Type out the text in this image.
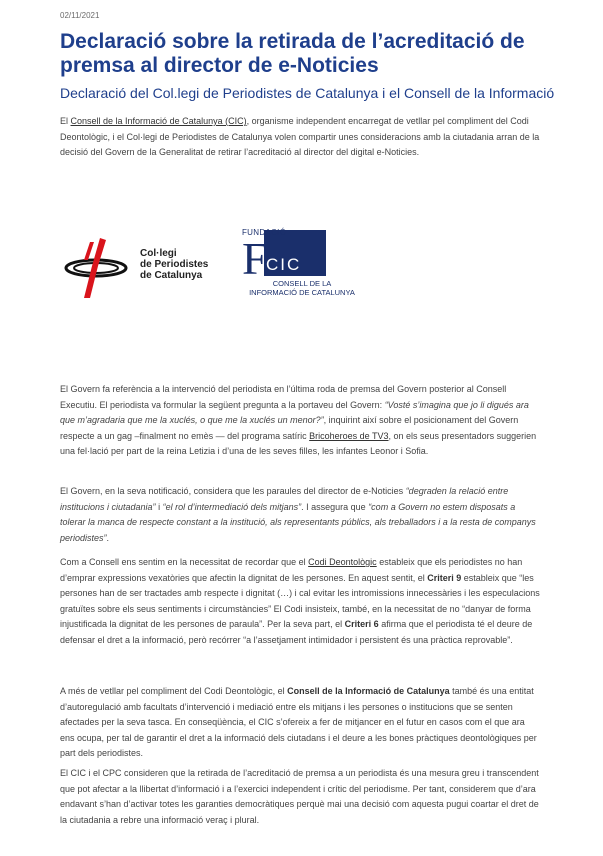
02/11/2021
Declaració sobre la retirada de l’acreditació de premsa al director de e-Noticies
Declaració del Col.legi de Periodistes de Catalunya i el Consell de la Informació

El Consell de la Informació de Catalunya (CIC), organisme independent encarregat de vetllar pel compliment del Codi Deontològic, i el Col·legi de Periodistes de Catalunya volen compartir unes consideracions amb la ciutadania arran de la decisió del Govern de la Generalitat de retirar l’acreditació al director del digital e-Noticies.

Col·legi
de Periodistes
de Catalunya
FUNDACIÓ
F
CIC
CONSELL DE LA
INFORMACIÓ DE CATALUNYA

El Govern fa referència a la intervenció del periodista en l’última roda de premsa del Govern posterior al Consell Executiu. El periodista va formular la següent pregunta a la portaveu del Govern: “Vosté s’imagina que jo li digués ara que m’agradaria que me la xuclés, o que me la xuclés un menor?”, inquirint així sobre el posicionament del Govern respecte a un gag –finalment no emès — del programa satíric Bricoheroes de TV3, on els seus presentadors suggerien una fel·lació per part de la reina Letizia i d’una de les seves filles, les infantes Leonor i Sofia.

El Govern, en la seva notificació, considera que les paraules del director de e-Noticies “degraden la relació entre institucions i ciutadania” i “el rol d’intermediació dels mitjans”. I assegura que “com a Govern no estem disposats a tolerar la manca de respecte constant a la institució, als representants públics, als treballadors i a la resta de companys periodistes”.

Com a Consell ens sentim en la necessitat de recordar que el Codi Deontològic estableix que els periodistes no han d’emprar expressions vexatòries que afectin la dignitat de les persones. En aquest sentit, el Criteri 9 estableix que “les persones han de ser tractades amb respecte i dignitat (…) i cal evitar les intromissions innecessàries i les especulacions gratuïtes sobre els seus sentiments i circumstàncies” El Codi insisteix, també, en la necessitat de no “danyar de forma injustificada la dignitat de les persones de paraula”. Per la seva part, el Criteri 6 afirma que el periodista té el deure de defensar el dret a la informació, però recórrer “a l’assetjament intimidador i persistent és una pràctica reprovable”.

A més de vetllar pel compliment del Codi Deontològic, el Consell de la Informació de Catalunya també és una entitat d’autoregulació amb facultats d’intervenció i mediació entre els mitjans i les persones o institucions que se senten afectades per la seva tasca. En conseqüència, el CIC s’ofereix a fer de mitjancer en el futur en casos com el que ara ens ocupa, per tal de garantir el dret a la informació dels ciutadans i el deure a les bones pràctiques deontològiques per part dels periodistes.

El CIC i el CPC consideren que la retirada de l’acreditació de premsa a un periodista és una mesura greu i transcendent que pot afectar a la llibertat d’informació i a l’exercici independent i crític del periodisme. Per tant, considerem que d’ara endavant s’han d’activar totes les garanties democràtiques perquè mai una decisió com aquesta pugui coartar el dret de la ciutadania a rebre una informació veraç i plural.
